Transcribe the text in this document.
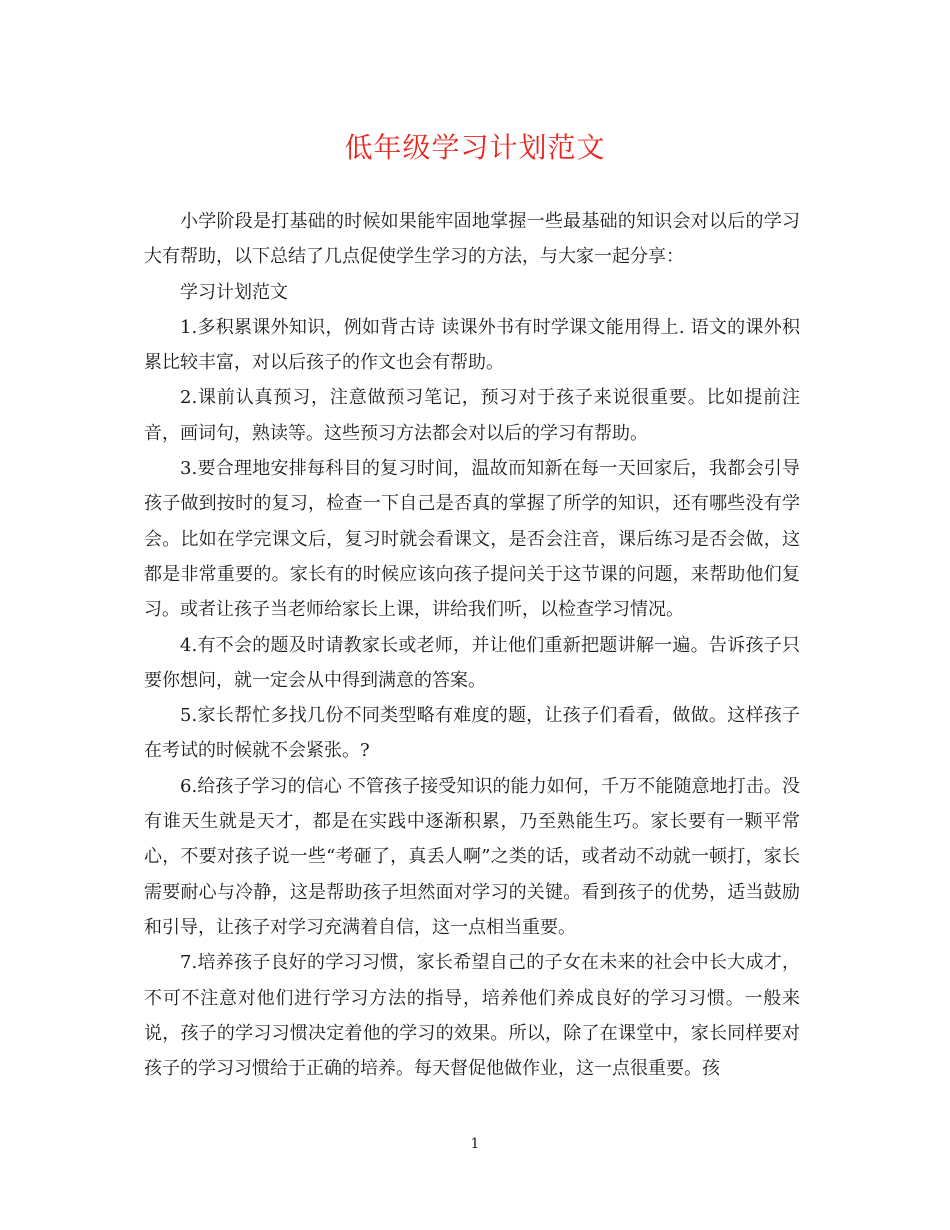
低年级学习计划范文

小学阶段是打基础的时候如果能牢固地掌握一些最基础的知识会对以后的学习大有帮助，以下总结了几点促使学生学习的方法，与大家一起分享：

学习计划范文

1.多积累课外知识，例如背古诗 读课外书有时学课文能用得上. 语文的课外积累比较丰富，对以后孩子的作文也会有帮助。

2.课前认真预习，注意做预习笔记，预习对于孩子来说很重要。比如提前注音，画词句，熟读等。这些预习方法都会对以后的学习有帮助。

3.要合理地安排每科目的复习时间，温故而知新在每一天回家后，我都会引导孩子做到按时的复习，检查一下自己是否真的掌握了所学的知识，还有哪些没有学会。比如在学完课文后，复习时就会看课文，是否会注音，课后练习是否会做，这都是非常重要的。家长有的时候应该向孩子提问关于这节课的问题，来帮助他们复习。或者让孩子当老师给家长上课，讲给我们听，以检查学习情况。

4.有不会的题及时请教家长或老师，并让他们重新把题讲解一遍。告诉孩子只要你想问，就一定会从中得到满意的答案。

5.家长帮忙多找几份不同类型略有难度的题，让孩子们看看，做做。这样孩子在考试的时候就不会紧张。?

6.给孩子学习的信心 不管孩子接受知识的能力如何，千万不能随意地打击。没有谁天生就是天才，都是在实践中逐渐积累，乃至熟能生巧。家长要有一颗平常心，不要对孩子说一些“考砸了，真丢人啊”之类的话，或者动不动就一顿打，家长需要耐心与冷静，这是帮助孩子坦然面对学习的关键。看到孩子的优势，适当鼓励和引导，让孩子对学习充满着自信，这一点相当重要。

7.培养孩子良好的学习习惯，家长希望自己的子女在未来的社会中长大成才，不可不注意对他们进行学习方法的指导，培养他们养成良好的学习习惯。一般来说，孩子的学习习惯决定着他的学习的效果。所以，除了在课堂中，家长同样要对孩子的学习习惯给于正确的培养。每天督促他做作业，这一点很重要。孩

1
